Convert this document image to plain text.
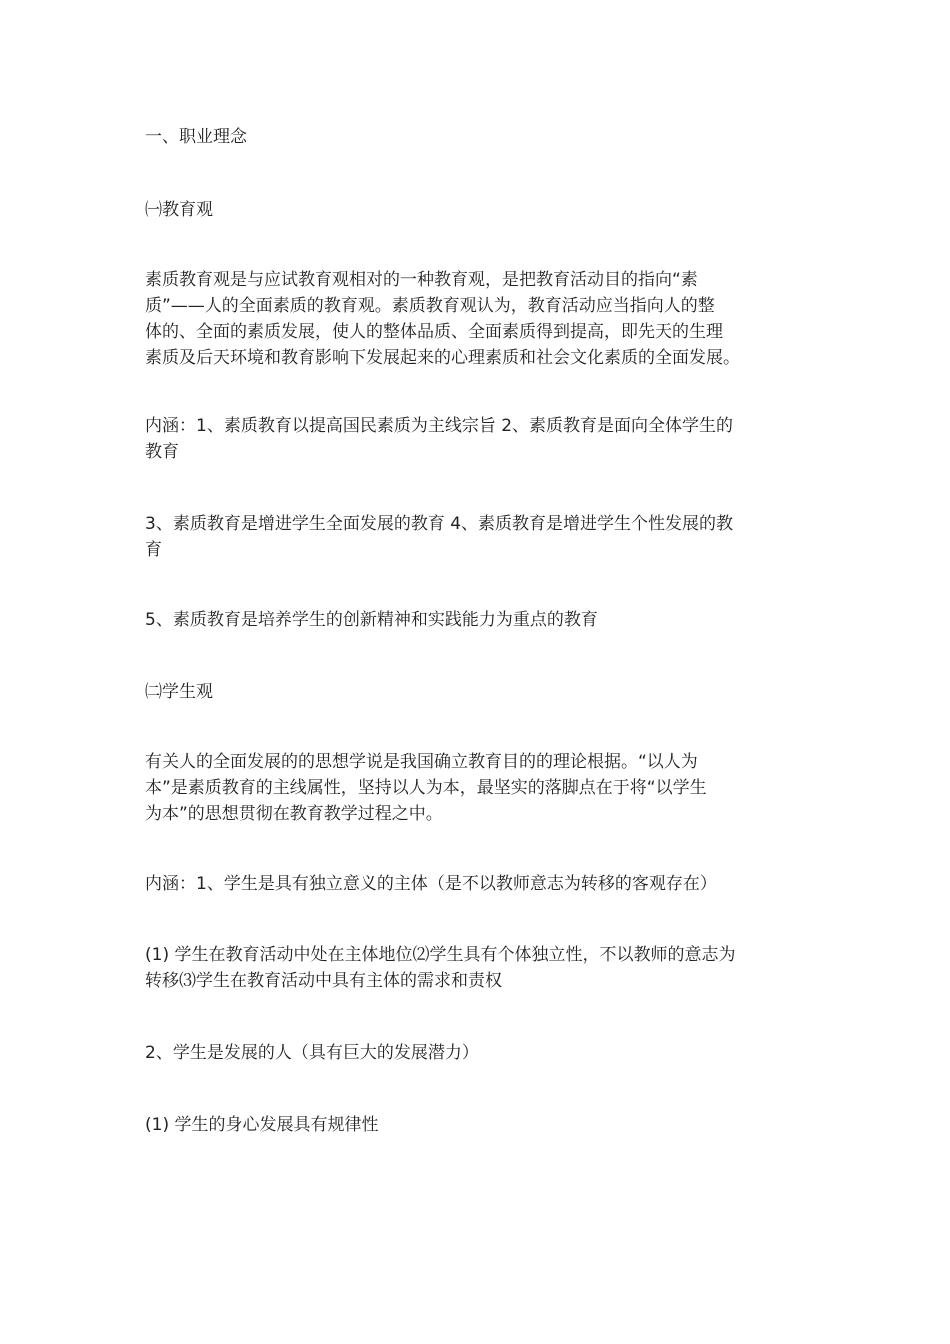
一、职业理念

㈠教育观

素质教育观是与应试教育观相对的一种教育观，是把教育活动目的指向“素
质”——人的全面素质的教育观。素质教育观认为，教育活动应当指向人的整
体的、全面的素质发展，使人的整体品质、全面素质得到提高，即先天的生理
素质及后天环境和教育影响下发展起来的心理素质和社会文化素质的全面发展。
内涵：1、素质教育以提高国民素质为主线宗旨 2、素质教育是面向全体学生的
教育
3、素质教育是增进学生全面发展的教育 4、素质教育是增进学生个性发展的教
育

5、素质教育是培养学生的创新精神和实践能力为重点的教育

㈡学生观

有关人的全面发展的的思想学说是我国确立教育目的的理论根据。“以人为
本”是素质教育的主线属性，坚持以人为本，最坚实的落脚点在于将“以学生
为本”的思想贯彻在教育教学过程之中。

内涵：1、学生是具有独立意义的主体（是不以教师意志为转移的客观存在）

(1) 学生在教育活动中处在主体地位⑵学生具有个体独立性，不以教师的意志为
转移⑶学生在教育活动中具有主体的需求和责权

2、学生是发展的人（具有巨大的发展潜力）

(1) 学生的身心发展具有规律性
